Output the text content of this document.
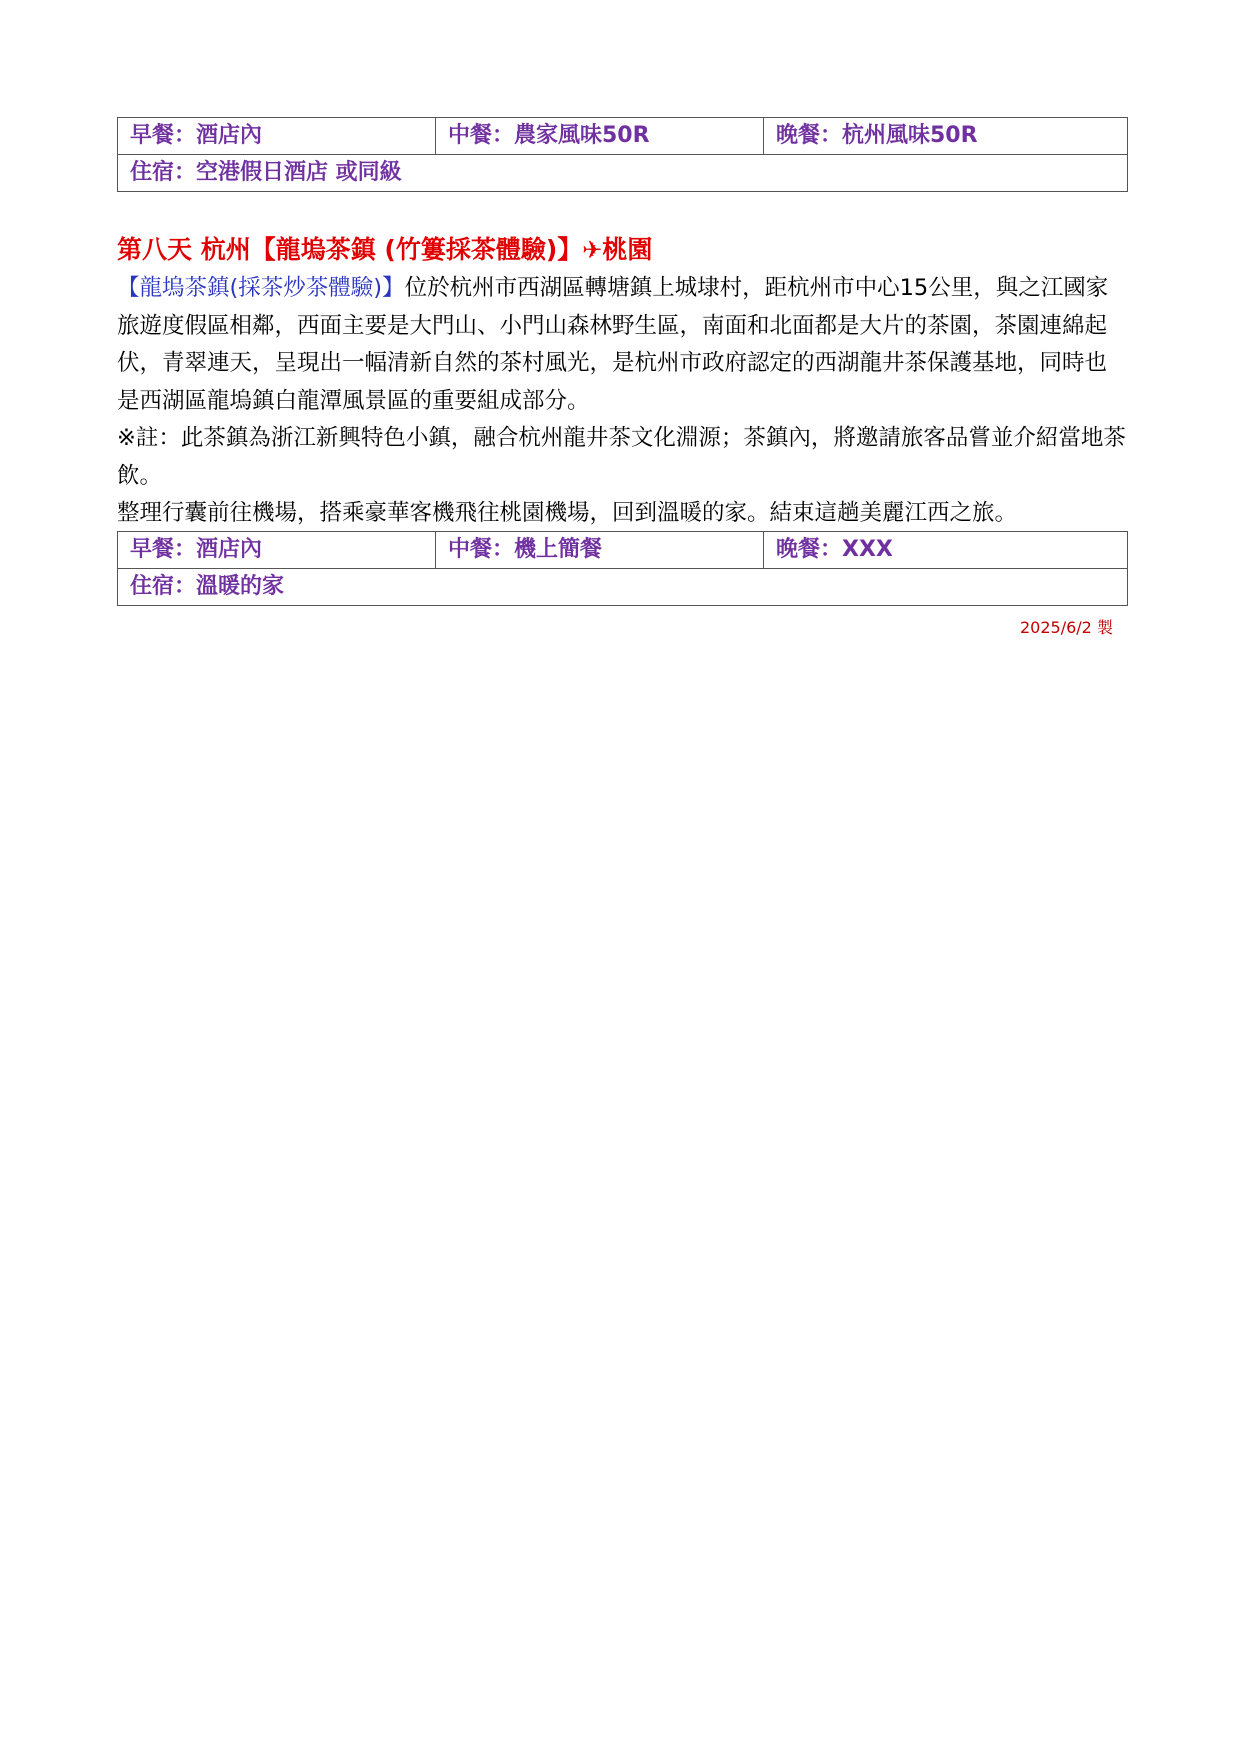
早餐：酒店內	中餐：農家風味50R	晚餐：杭州風味50R
住宿：空港假日酒店 或同級
第八天 杭州【龍塢茶鎮 (竹簍採茶體驗)】✈桃園

【龍塢茶鎮(採茶炒茶體驗)】位於杭州市西湖區轉塘鎮上城埭村，距杭州市中心15公里，與之江國家旅遊度假區相鄰，西面主要是大門山、小門山森林野生區，南面和北面都是大片的茶園，茶園連綿起伏，青翠連天，呈現出一幅清新自然的茶村風光，是杭州市政府認定的西湖龍井茶保護基地，同時也是西湖區龍塢鎮白龍潭風景區的重要組成部分。

※註：此茶鎮為浙江新興特色小鎮，融合杭州龍井茶文化淵源；茶鎮內，將邀請旅客品嘗並介紹當地茶飲。

整理行囊前往機場，搭乘豪華客機飛往桃園機場，回到溫暖的家。結束這趟美麗江西之旅。

早餐：酒店內	中餐：機上簡餐	晚餐：XXX
住宿：溫暖的家
2025/6/2 製
